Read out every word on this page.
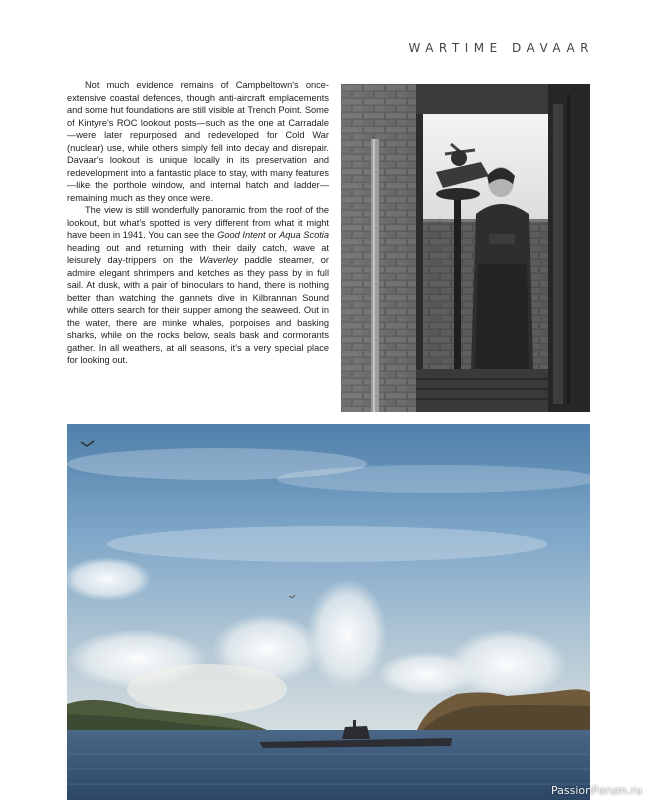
WARTIME DAVAAR

Not much evidence remains of Campbeltown's once-extensive coastal defences, though anti-aircraft emplacements and some hut foundations are still visible at Trench Point. Some of Kintyre's ROC lookout posts—such as the one at Carradale—were later repurposed and redeveloped for Cold War (nuclear) use, while others simply fell into decay and disrepair. Davaar's lookout is unique locally in its preservation and redevelopment into a fantastic place to stay, with many features—like the porthole window, and internal hatch and ladder—remaining much as they once were.

The view is still wonderfully panoramic from the roof of the lookout, but what's spotted is very different from what it might have been in 1941. You can see the Good Intent or Aqua Scotia heading out and returning with their daily catch, wave at leisurely day-trippers on the Waverley paddle steamer, or admire elegant shrimpers and ketches as they pass by in full sail. At dusk, with a pair of binoculars to hand, there is nothing better than watching the gannets dive in Kilbrannan Sound while otters search for their supper among the seaweed. Out in the water, there are minke whales, porpoises and basking sharks, while on the rocks below, seals bask and cormorants gather. In all weathers, at all seasons, it's a very special place for looking out.

PassionForum.ru
